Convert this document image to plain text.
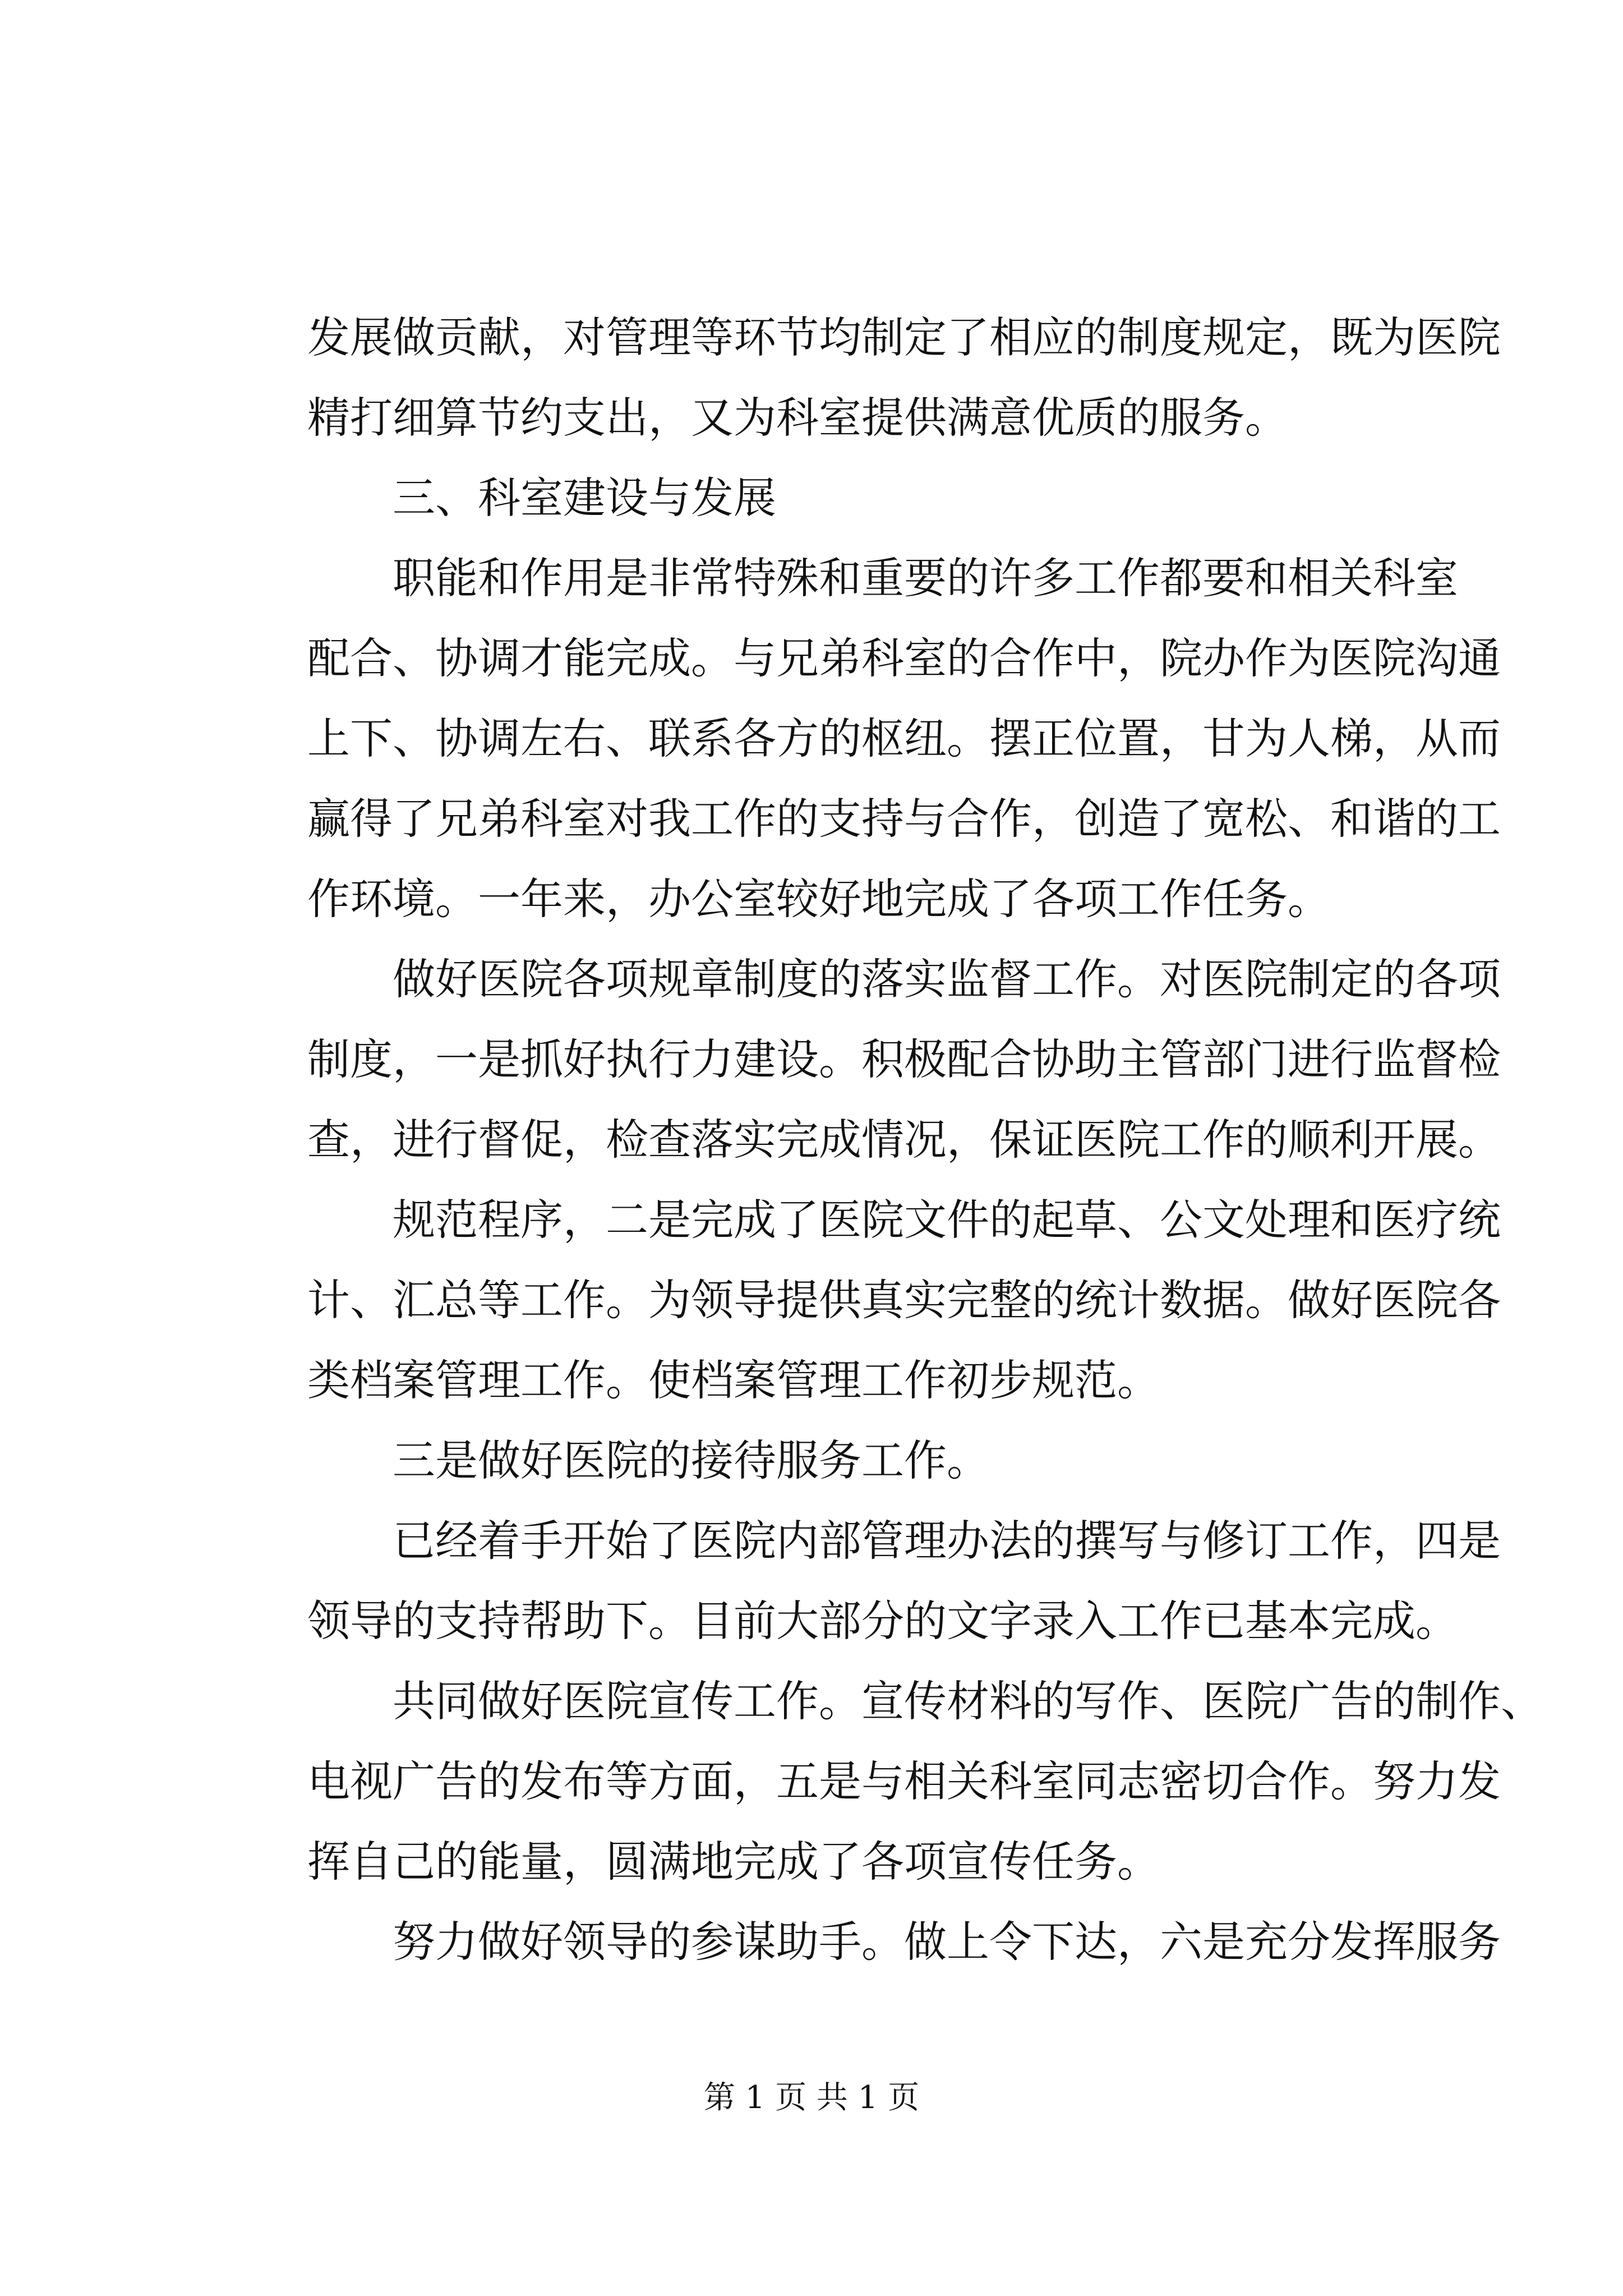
发展做贡献，对管理等环节均制定了相应的制度规定，既为医院
精打细算节约支出，又为科室提供满意优质的服务。

　　三、科室建设与发展

　　职能和作用是非常特殊和重要的许多工作都要和相关科室
配合、协调才能完成。与兄弟科室的合作中，院办作为医院沟通
上下、协调左右、联系各方的枢纽。摆正位置，甘为人梯，从而
赢得了兄弟科室对我工作的支持与合作，创造了宽松、和谐的工
作环境。一年来，办公室较好地完成了各项工作任务。

　　做好医院各项规章制度的落实监督工作。对医院制定的各项
制度，一是抓好执行力建设。积极配合协助主管部门进行监督检
查，进行督促，检查落实完成情况，保证医院工作的顺利开展。

　　规范程序，二是完成了医院文件的起草、公文处理和医疗统
计、汇总等工作。为领导提供真实完整的统计数据。做好医院各
类档案管理工作。使档案管理工作初步规范。

　　三是做好医院的接待服务工作。

　　已经着手开始了医院内部管理办法的撰写与修订工作，四是
领导的支持帮助下。目前大部分的文字录入工作已基本完成。

　　共同做好医院宣传工作。宣传材料的写作、医院广告的制作、
电视广告的发布等方面，五是与相关科室同志密切合作。努力发
挥自己的能量，圆满地完成了各项宣传任务。

　　努力做好领导的参谋助手。做上令下达，六是充分发挥服务

第 1 页 共 1 页
